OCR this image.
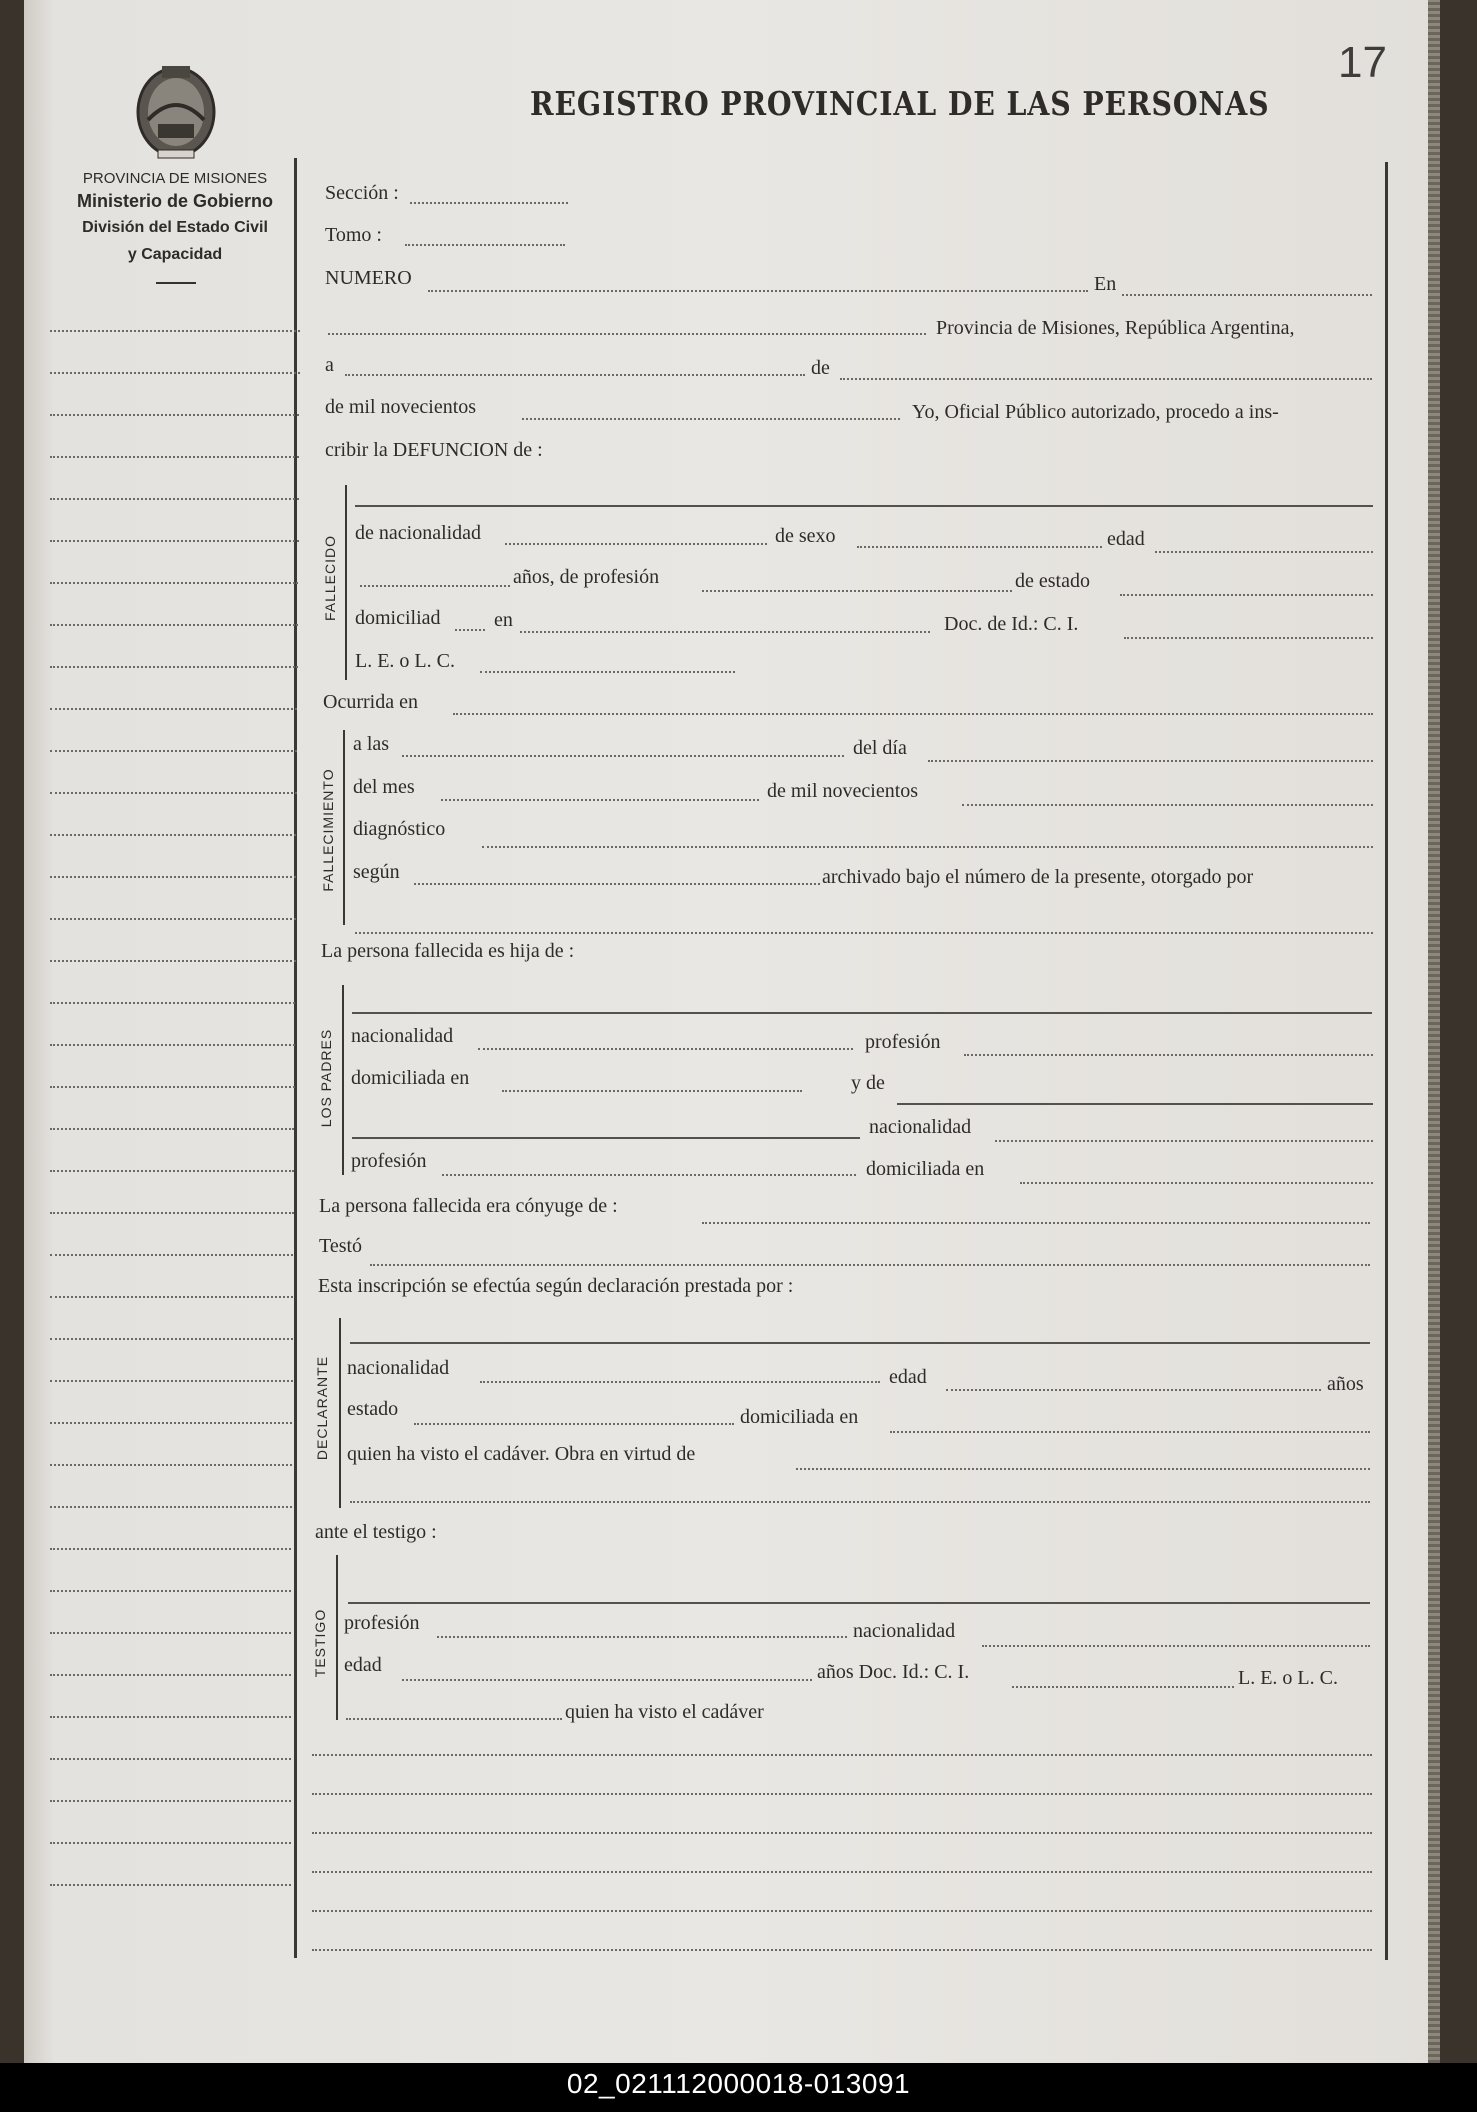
17
REGISTRO PROVINCIAL DE LAS PERSONAS
PROVINCIA DE MISIONES
Ministerio de Gobierno
División del Estado Civil
y Capacidad
FALLECIDO
FALLECIMIENTO
LOS PADRES
DECLARANTE
TESTIGO
Sección :
Tomo :
NUMERO	En
Provincia de Misiones, República Argentina,
a	de
de mil novecientos	Yo, Oficial Público autorizado, procedo a ins-
cribir la DEFUNCION de :
de nacionalidad	de sexo	edad
años, de profesión	de estado
domiciliad	en	Doc. de Id.: C. I.
L. E. o L. C.
Ocurrida en
a las	del día
del mes	de mil novecientos
diagnóstico
según	archivado bajo el número de la presente, otorgado por
La persona fallecida es hija de :
nacionalidad	profesión
domiciliada en	y de
nacionalidad
profesión	domiciliada en
La persona fallecida era cónyuge de :
Testó
Esta inscripción se efectúa según declaración prestada por :
nacionalidad	edad	años
estado	domiciliada en
quien ha visto el cadáver. Obra en virtud de
ante el testigo :
profesión	nacionalidad
edad	años Doc. Id.: C. I.	L. E. o L. C.
quien ha visto el cadáver
02_021112000018-013091
